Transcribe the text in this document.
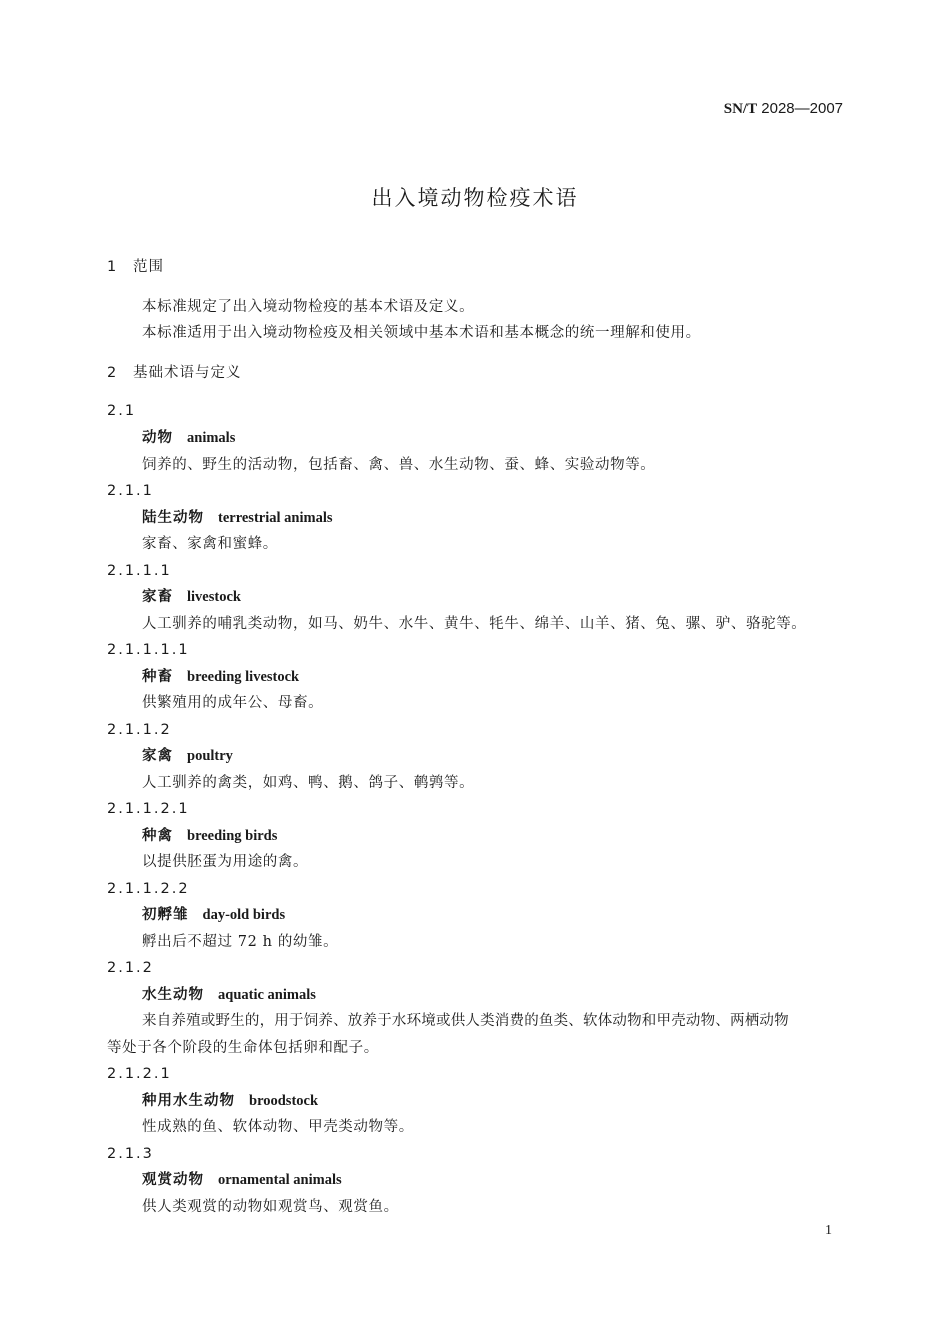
SN/T 2028—2007
出入境动物检疫术语
1 范围
本标准规定了出入境动物检疫的基本术语及定义。
本标准适用于出入境动物检疫及相关领域中基本术语和基本概念的统一理解和使用。
2 基础术语与定义
2.1
动物 animals
饲养的、野生的活动物，包括畜、禽、兽、水生动物、蚕、蜂、实验动物等。
2.1.1
陆生动物 terrestrial animals
家畜、家禽和蜜蜂。
2.1.1.1
家畜 livestock
人工驯养的哺乳类动物，如马、奶牛、水牛、黄牛、牦牛、绵羊、山羊、猪、兔、骡、驴、骆驼等。
2.1.1.1.1
种畜 breeding livestock
供繁殖用的成年公、母畜。
2.1.1.2
家禽 poultry
人工驯养的禽类，如鸡、鸭、鹅、鸽子、鹌鹑等。
2.1.1.2.1
种禽 breeding birds
以提供胚蛋为用途的禽。
2.1.1.2.2
初孵雏 day-old birds
孵出后不超过 72 h 的幼雏。
2.1.2
水生动物 aquatic animals
来自养殖或野生的，用于饲养、放养于水环境或供人类消费的鱼类、软体动物和甲壳动物、两栖动物
等处于各个阶段的生命体包括卵和配子。
2.1.2.1
种用水生动物 broodstock
性成熟的鱼、软体动物、甲壳类动物等。
2.1.3
观赏动物 ornamental animals
供人类观赏的动物如观赏鸟、观赏鱼。
1
